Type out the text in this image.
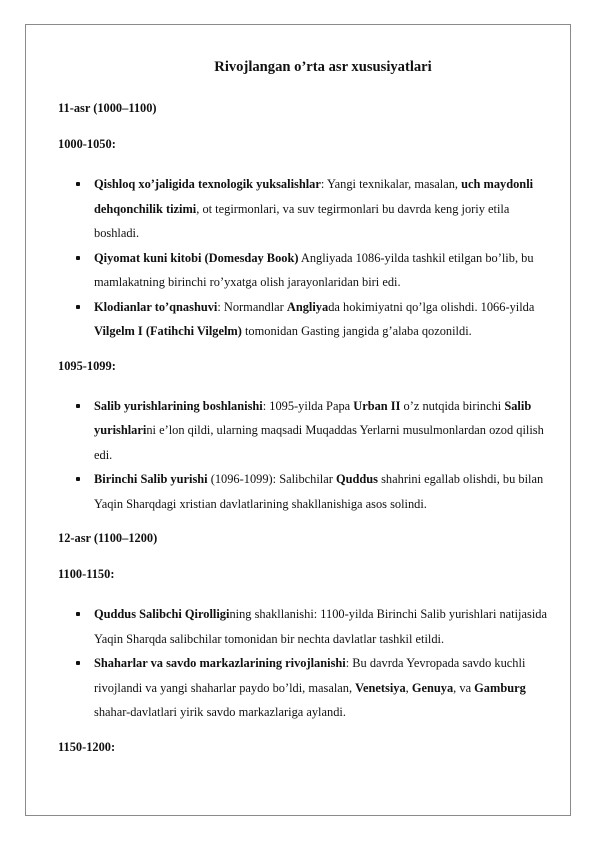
Rivojlangan o’rta asr xususiyatlari
11-asr (1000–1100)
1000-1050:
Qishloq xo’jaligida texnologik yuksalishlar: Yangi texnikalar, masalan, uch maydonli dehqonchilik tizimi, ot tegirmonlari, va suv tegirmonlari bu davrda keng joriy etila boshladi.
Qiyomat kuni kitobi (Domesday Book) Angliyada 1086-yilda tashkil etilgan bo’lib, bu mamlakatning birinchi ro’yxatga olish jarayonlaridan biri edi.
Klodianlar to’qnashuvi: Normandlar Angliyada hokimiyatni qo’lga olishdi. 1066-yilda Vilgelm I (Fatihchi Vilgelm) tomonidan Gasting jangida g’alaba qozonildi.
1095-1099:
Salib yurishlarining boshlanishi: 1095-yilda Papa Urban II o’z nutqida birinchi Salib yurishlarini e’lon qildi, ularning maqsadi Muqaddas Yerlarni musulmonlardan ozod qilish edi.
Birinchi Salib yurishi (1096-1099): Salibchilar Quddus shahrini egallab olishdi, bu bilan Yaqin Sharqdagi xristian davlatlarining shakllanishiga asos solindi.
12-asr (1100–1200)
1100-1150:
Quddus Salibchi Qirolligining shakllanishi: 1100-yilda Birinchi Salib yurishlari natijasida Yaqin Sharqda salibchilar tomonidan bir nechta davlatlar tashkil etildi.
Shaharlar va savdo markazlarining rivojlanishi: Bu davrda Yevropada savdo kuchli rivojlandi va yangi shaharlar paydo bo’ldi, masalan, Venetsiya, Genuya, va Gamburg shahar-davlatlari yirik savdo markazlariga aylandi.
1150-1200:
